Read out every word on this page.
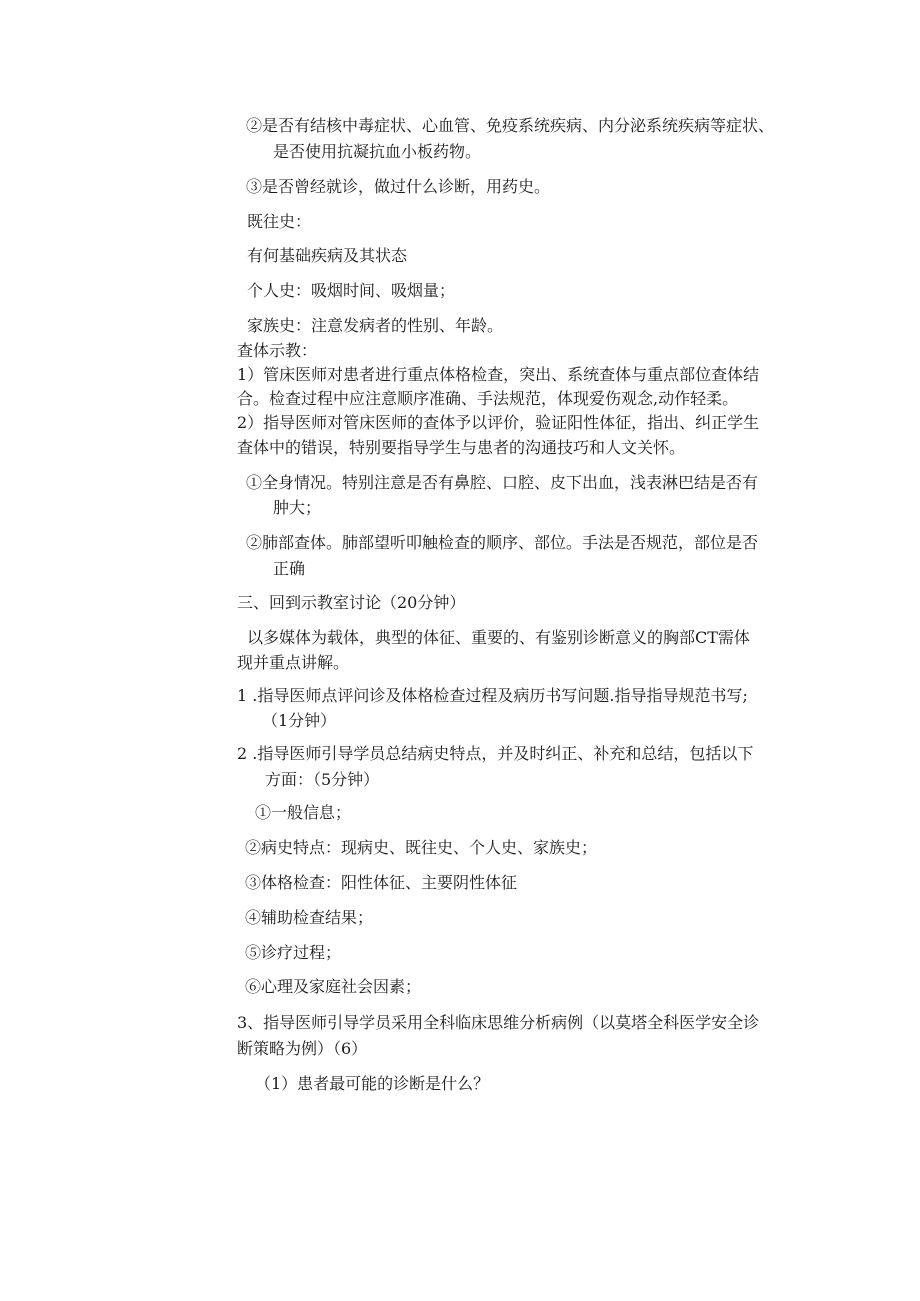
②是否有结核中毒症状、心血管、免疫系统疾病、内分泌系统疾病等症状、

是否使用抗凝抗血小板药物。

③是否曾经就诊，做过什么诊断，用药史。

既往史：

有何基础疾病及其状态

个人史：吸烟时间、吸烟量；

家族史：注意发病者的性别、年龄。

查体示教：

1）管床医师对患者进行重点体格检查，突出、系统查体与重点部位查体结

合。检查过程中应注意顺序准确、手法规范，体现爱伤观念,动作轻柔。

2）指导医师对管床医师的查体予以评价，验证阳性体征，指出、纠正学生

查体中的错误，特别要指导学生与患者的沟通技巧和人文关怀。

①全身情况。特别注意是否有鼻腔、口腔、皮下出血，浅表淋巴结是否有

肿大；

②肺部查体。肺部望听叩触检查的顺序、部位。手法是否规范，部位是否

正确

三、回到示教室讨论（20分钟）

以多媒体为载体，典型的体征、重要的、有鉴别诊断意义的胸部CT需体

现并重点讲解。

1 .指导医师点评问诊及体格检查过程及病历书写问题.指导指导规范书写;

（1分钟）

2 .指导医师引导学员总结病史特点，并及时纠正、补充和总结，包括以下

方面：（5分钟）

①一般信息；

②病史特点：现病史、既往史、个人史、家族史；

③体格检查：阳性体征、主要阴性体征

④辅助检查结果；

⑤诊疗过程；

⑥心理及家庭社会因素；

3、指导医师引导学员采用全科临床思维分析病例（以莫塔全科医学安全诊

断策略为例）（6）

（1）患者最可能的诊断是什么？
